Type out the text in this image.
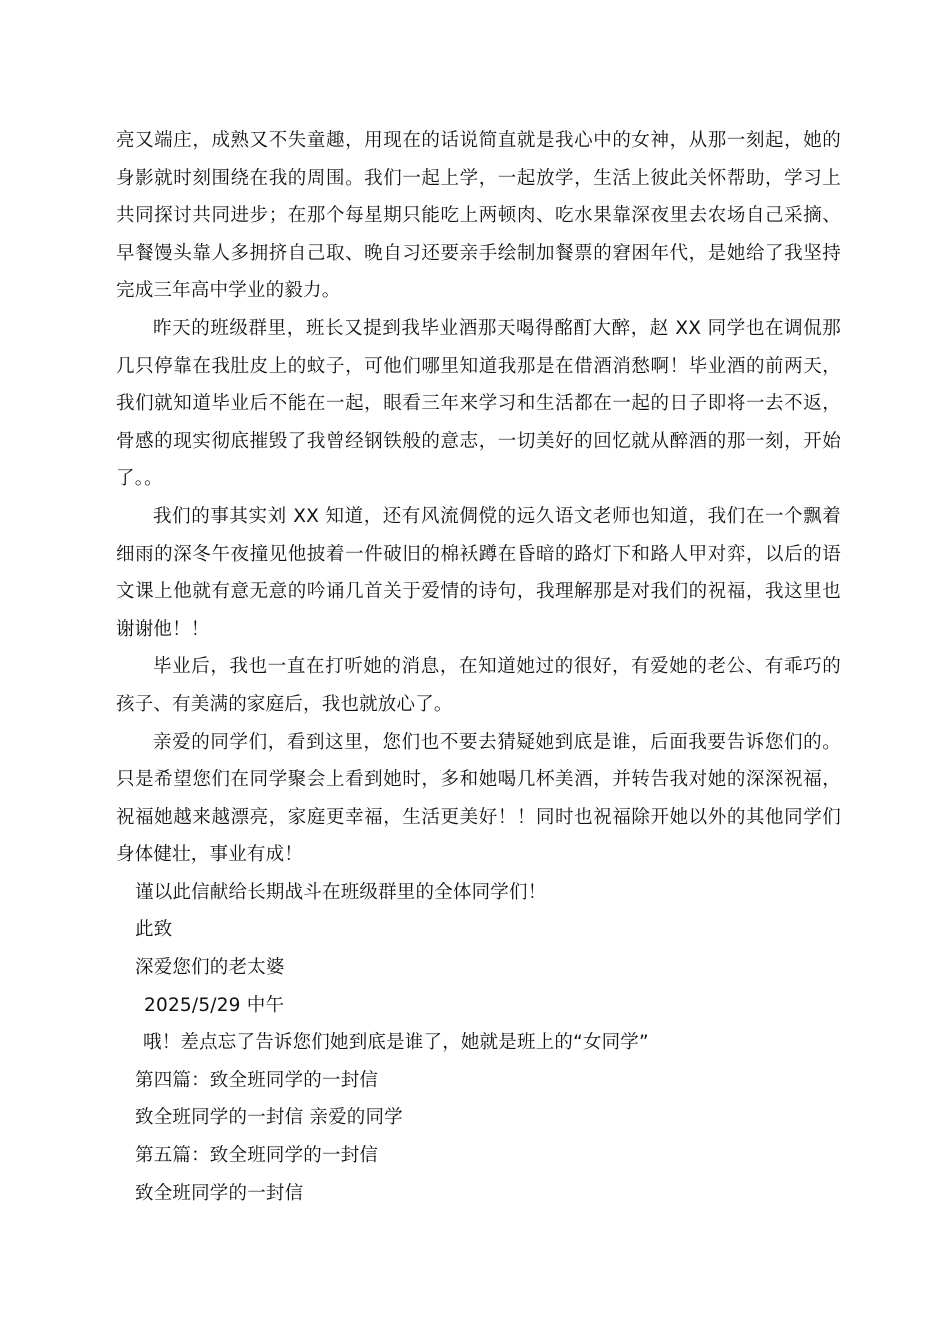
亮又端庄，成熟又不失童趣，用现在的话说简直就是我心中的女神，从那一刻起，她的身影就时刻围绕在我的周围。我们一起上学，一起放学，生活上彼此关怀帮助，学习上共同探讨共同进步；在那个每星期只能吃上两顿肉、吃水果靠深夜里去农场自己采摘、早餐馒头靠人多拥挤自己取、晚自习还要亲手绘制加餐票的窘困年代，是她给了我坚持完成三年高中学业的毅力。

昨天的班级群里，班长又提到我毕业酒那天喝得酩酊大醉，赵 XX 同学也在调侃那几只停靠在我肚皮上的蚊子，可他们哪里知道我那是在借酒消愁啊！毕业酒的前两天，我们就知道毕业后不能在一起，眼看三年来学习和生活都在一起的日子即将一去不返，骨感的现实彻底摧毁了我曾经钢铁般的意志，一切美好的回忆就从醉酒的那一刻，开始了。。

我们的事其实刘 XX 知道，还有风流倜傥的远久语文老师也知道，我们在一个飘着细雨的深冬午夜撞见他披着一件破旧的棉袄蹲在昏暗的路灯下和路人甲对弈，以后的语文课上他就有意无意的吟诵几首关于爱情的诗句，我理解那是对我们的祝福，我这里也谢谢他！！

毕业后，我也一直在打听她的消息，在知道她过的很好，有爱她的老公、有乖巧的孩子、有美满的家庭后，我也就放心了。

亲爱的同学们，看到这里，您们也不要去猜疑她到底是谁，后面我要告诉您们的。只是希望您们在同学聚会上看到她时，多和她喝几杯美酒，并转告我对她的深深祝福，祝福她越来越漂亮，家庭更幸福，生活更美好！！同时也祝福除开她以外的其他同学们身体健壮，事业有成！

谨以此信献给长期战斗在班级群里的全体同学们！

此致

深爱您们的老太婆

2025/5/29 中午

哦！差点忘了告诉您们她到底是谁了，她就是班上的“女同学”

第四篇：致全班同学的一封信

致全班同学的一封信 亲爱的同学

第五篇：致全班同学的一封信

致全班同学的一封信
